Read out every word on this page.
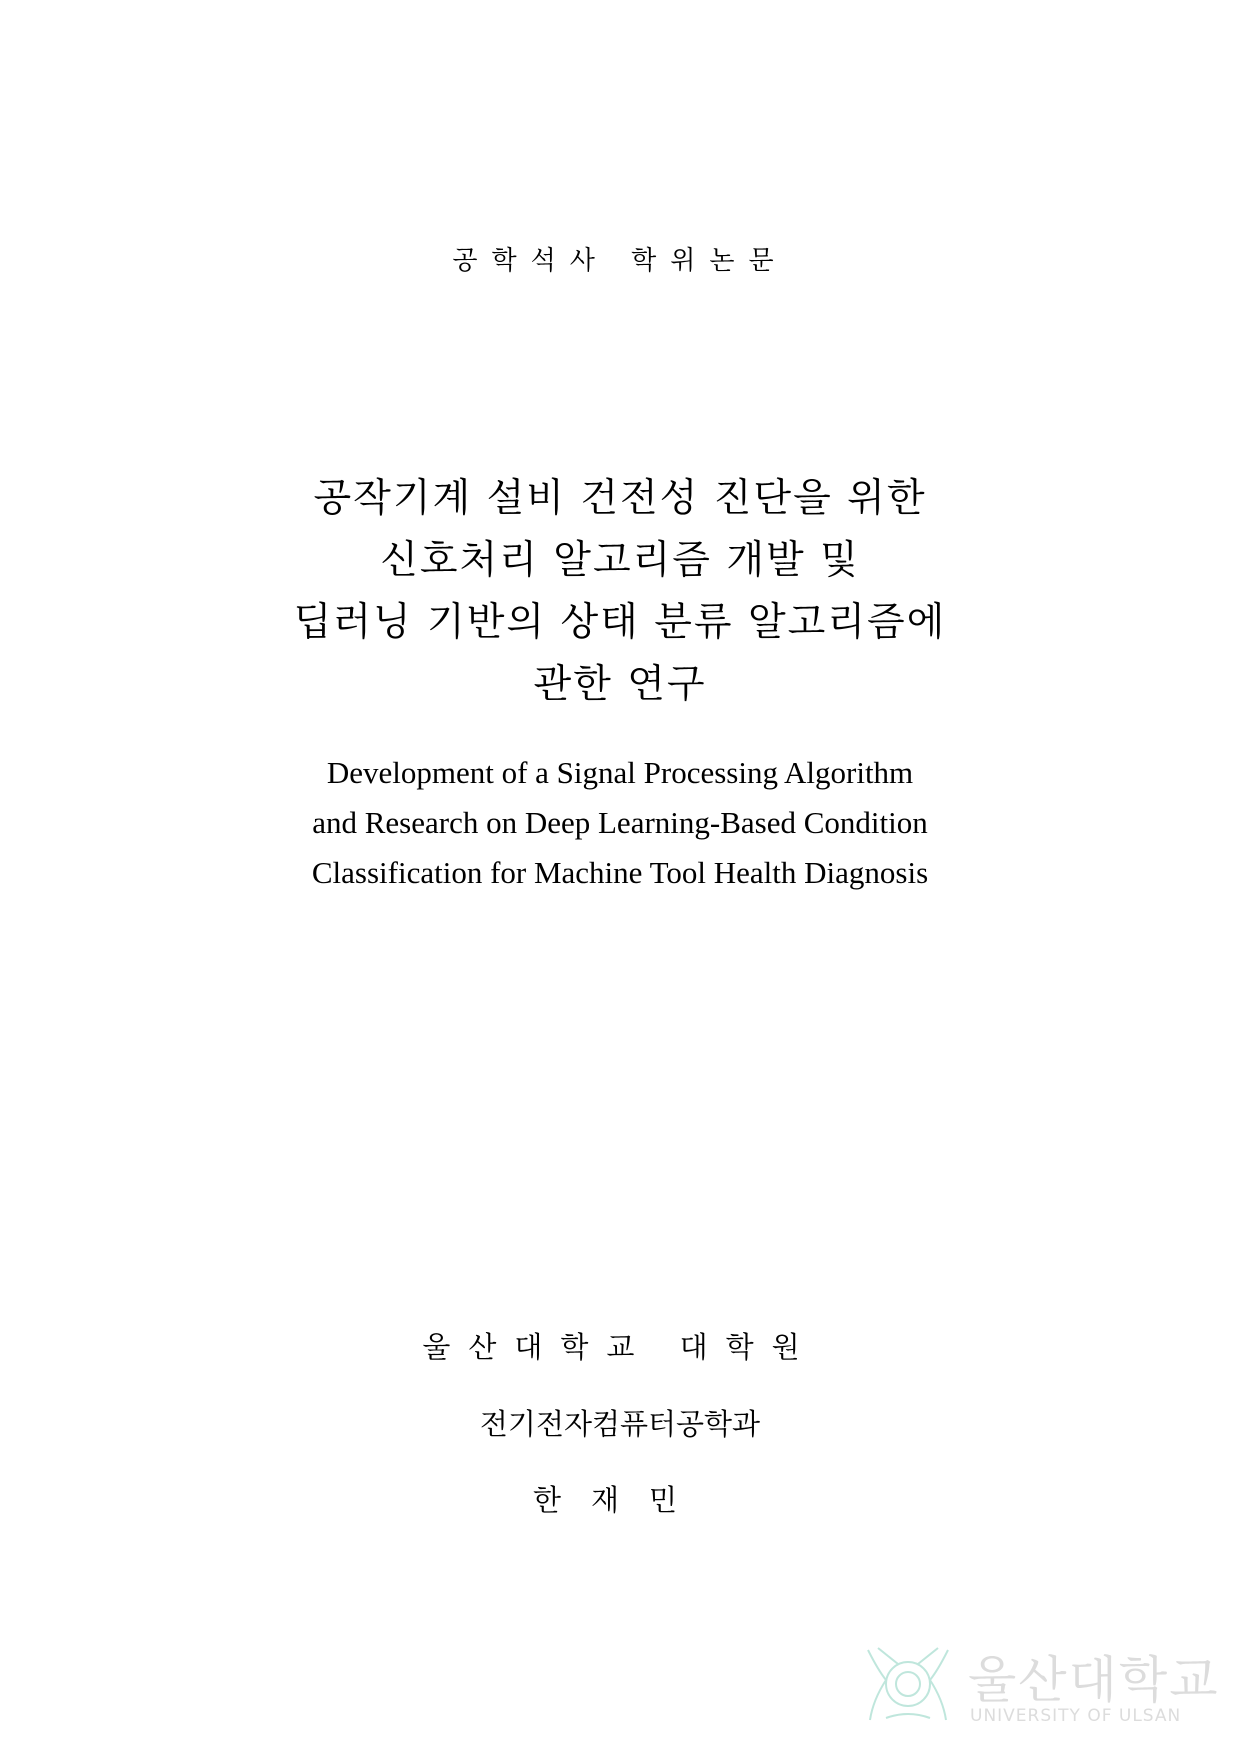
공학석사 학위논문
공작기계 설비 건전성 진단을 위한
신호처리 알고리즘 개발 및
딥러닝 기반의 상태 분류 알고리즘에
관한 연구
Development of a Signal Processing Algorithm
and Research on Deep Learning-Based Condition
Classification for Machine Tool Health Diagnosis
울산대학교 대학원
전기전자컴퓨터공학과
한재민
울산대학교
UNIVERSITY OF ULSAN
